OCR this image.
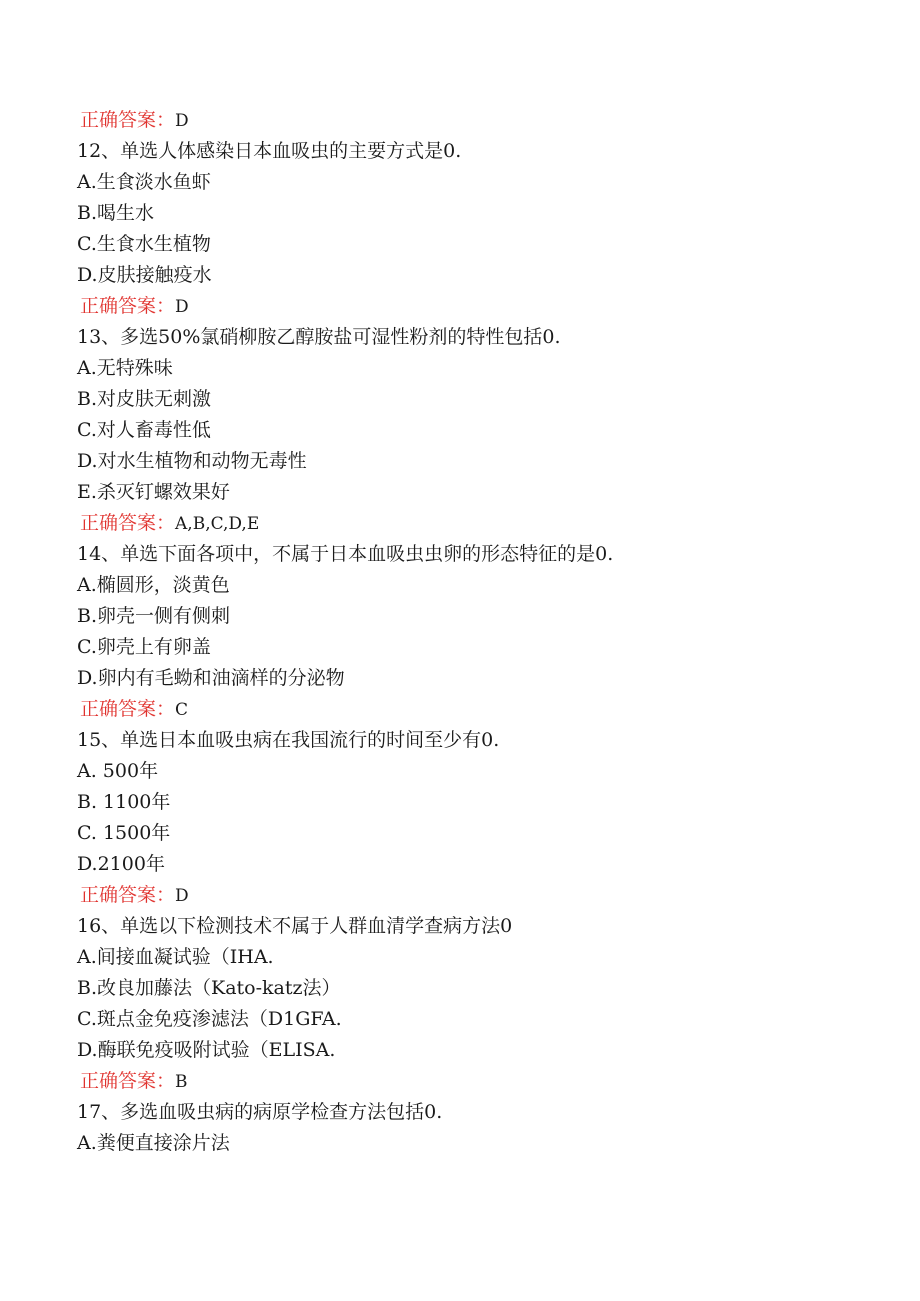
正确答案：D
12、单选人体感染日本血吸虫的主要方式是0.
A.生食淡水鱼虾
B.喝生水
C.生食水生植物
D.皮肤接触疫水
正确答案：D
13、多选50%氯硝柳胺乙醇胺盐可湿性粉剂的特性包括0.
A.无特殊味
B.对皮肤无刺激
C.对人畜毒性低
D.对水生植物和动物无毒性
E.杀灭钉螺效果好
正确答案：A,B,C,D,E
14、单选下面各项中，不属于日本血吸虫虫卵的形态特征的是0.
A.椭圆形，淡黄色
B.卵壳一侧有侧刺
C.卵壳上有卵盖
D.卵内有毛蚴和油滴样的分泌物
正确答案：C
15、单选日本血吸虫病在我国流行的时间至少有0.
A. 500年
B. 1100年
C. 1500年
D.2100年
正确答案：D
16、单选以下检测技术不属于人群血清学查病方法0
A.间接血凝试验（IHA.
B.改良加藤法（Kato-katz法）
C.斑点金免疫渗滤法（D1GFA.
D.酶联免疫吸附试验（ELISA.
正确答案：B
17、多选血吸虫病的病原学检查方法包括0.
A.粪便直接涂片法
